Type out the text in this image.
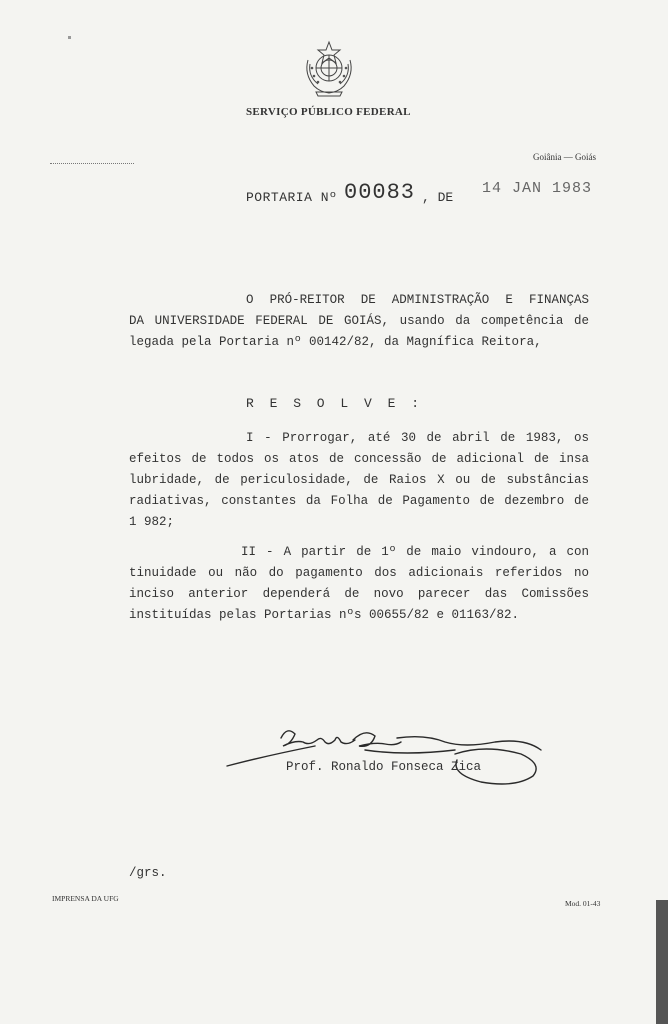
SERVIÇO PÚBLICO FEDERAL
Goiânia — Goiás
PORTARIA Nº 00083 , DE
14 JAN 1983
O PRÓ-REITOR DE ADMINISTRAÇÃO E FINANÇAS
DA UNIVERSIDADE FEDERAL DE GOIÁS, usando da competência de
legada pela Portaria nº 00142/82, da Magnífica Reitora,
R E S O L V E :
I - Prorrogar, até 30 de abril de 1983, os
efeitos de todos os atos de concessão de adicional de insa
lubridade, de periculosidade, de Raios X ou de substâncias
radiativas, constantes da Folha de Pagamento de dezembro de
1 982;
II - A partir de 1º de maio vindouro, a con
tinuidade ou não do pagamento dos adicionais referidos no
inciso anterior dependerá de novo parecer das Comissões
instituídas pelas Portarias nºs 00655/82 e 01163/82.
Prof. Ronaldo Fonseca Zica
/grs.
IMPRENSA DA UFG
Mod. 01-43
